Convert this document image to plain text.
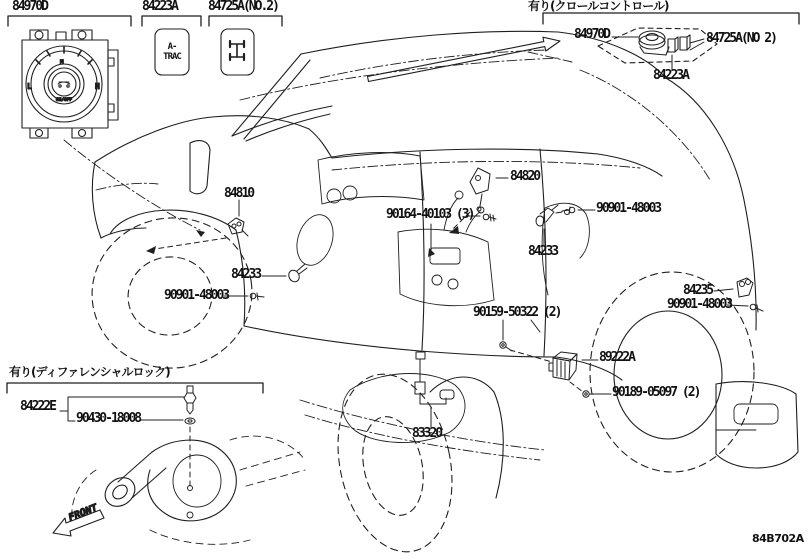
L	H
M
ON/OFF
FRONT
84970D	84223A 84725A(NO.2)
A-
TRAC
有り(クロールコントロール)
84970D	84725A(NO 2)
84223A
84810
84820
90164-40103 (3)	90901-48003
84233
84233
90901-48003	84235
90901-48003
90159-50322 (2)
89222A
90189-05097 (2)
83320
有り(ディファレンシャルロック)
84222E
90430-18008
84B702A
